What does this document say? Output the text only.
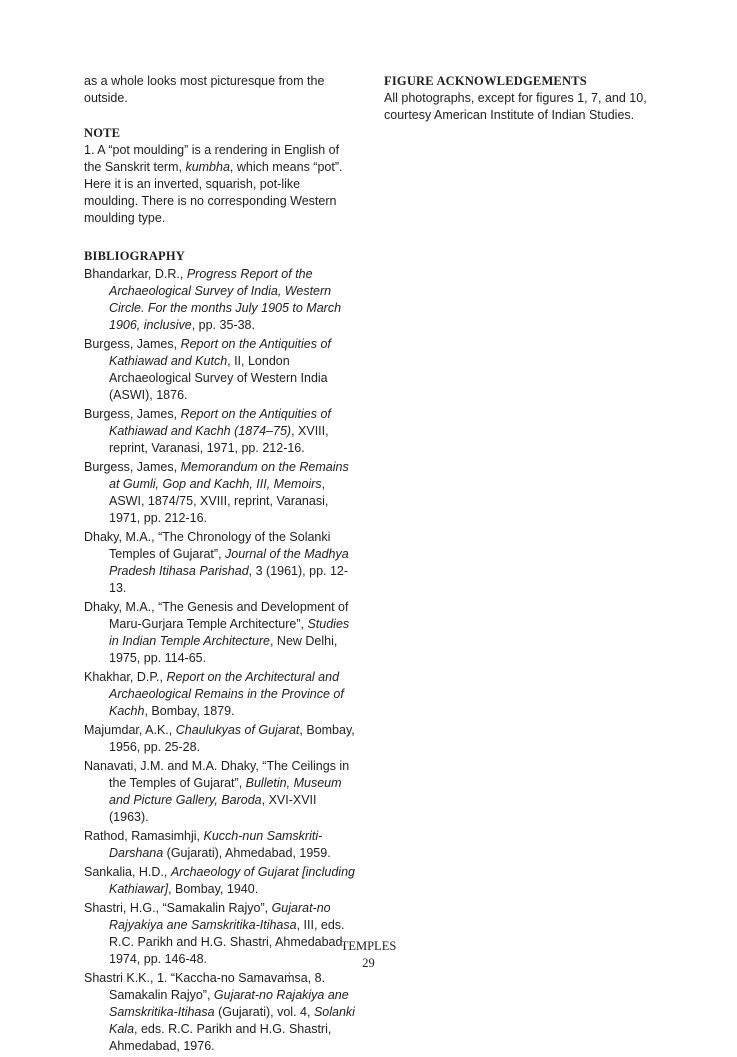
as a whole looks most picturesque from the outside.

NOTE

1. A “pot moulding” is a rendering in English of the Sanskrit term, kumbha, which means “pot”. Here it is an inverted, squarish, pot-like moulding. There is no corresponding Western moulding type.

BIBLIOGRAPHY
Bhandarkar, D.R., Progress Report of the Archaeological Survey of India, Western Circle. For the months July 1905 to March 1906, inclusive, pp. 35-38.
Burgess, James, Report on the Antiquities of Kathiawad and Kutch, II, London Archaeological Survey of Western India (ASWI), 1876.
Burgess, James, Report on the Antiquities of Kathiawad and Kachh (1874–75), XVIII, reprint, Varanasi, 1971, pp. 212-16.
Burgess, James, Memorandum on the Remains at Gumli, Gop and Kachh, III, Memoirs, ASWI, 1874/75, XVIII, reprint, Varanasi, 1971, pp. 212-16.
Dhaky, M.A., “The Chronology of the Solanki Temples of Gujarat”, Journal of the Madhya Pradesh Itihasa Parishad, 3 (1961), pp. 12-13.
Dhaky, M.A., “The Genesis and Development of Maru-Gurjara Temple Architecture”, Studies in Indian Temple Architecture, New Delhi, 1975, pp. 114-65.
Khakhar, D.P., Report on the Architectural and Archaeological Remains in the Province of Kachh, Bombay, 1879.
Majumdar, A.K., Chaulukyas of Gujarat, Bombay, 1956, pp. 25-28.
Nanavati, J.M. and M.A. Dhaky, “The Ceilings in the Temples of Gujarat”, Bulletin, Museum and Picture Gallery, Baroda, XVI-XVII (1963).
Rathod, Ramasimhji, Kucch-nun Samskriti-Darshana (Gujarati), Ahmedabad, 1959.
Sankalia, H.D., Archaeology of Gujarat [including Kathiawar], Bombay, 1940.
Shastri, H.G., “Samakalin Rajyo”, Gujarat-no Rajyakiya ane Samskritika-Itihasa, III, eds. R.C. Parikh and H.G. Shastri, Ahmedabad, 1974, pp. 146-48.
Shastri K.K., 1. “Kaccha-no Samavaṁsa, 8. Samakalin Rajyo”, Gujarat-no Rajakiya ane Samskritika-Itihasa (Gujarati), vol. 4, Solanki Kala, eds. R.C. Parikh and H.G. Shastri, Ahmedabad, 1976.
FIGURE ACKNOWLEDGEMENTS

All photographs, except for figures 1, 7, and 10, courtesy American Institute of Indian Studies.

TEMPLES
29
